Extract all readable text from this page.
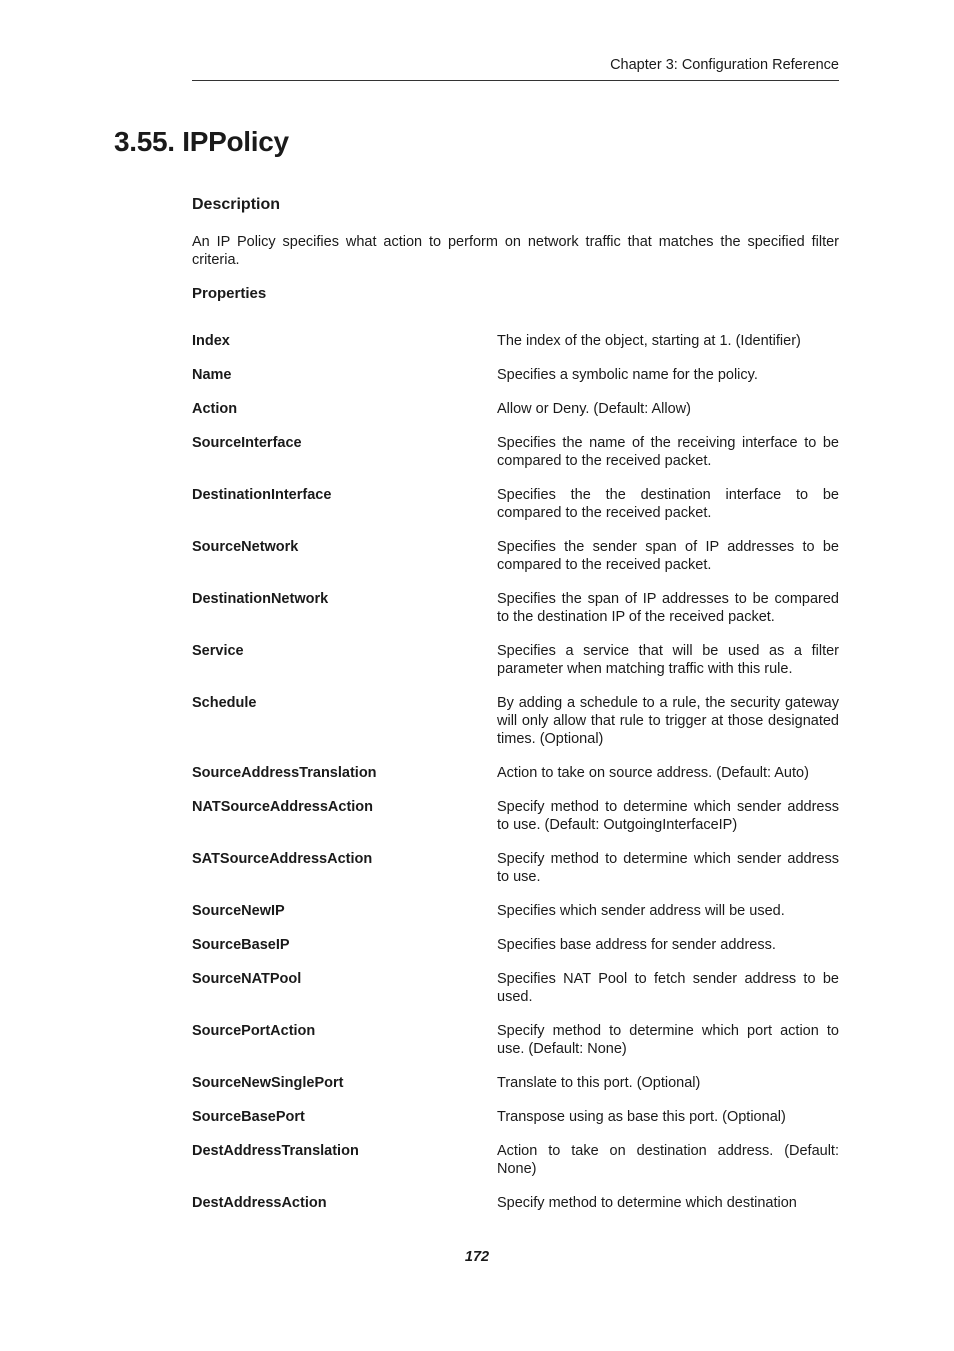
Chapter 3: Configuration Reference
3.55. IPPolicy
Description

An IP Policy specifies what action to perform on network traffic that matches the specified filter criteria.

Properties
Index	The index of the object, starting at 1. (Identifier)
Name	Specifies a symbolic name for the policy.
Action	Allow or Deny. (Default: Allow)
SourceInterface	Specifies the name of the receiving interface to be compared to the received packet.
DestinationInterface	Specifies the the destination interface to be compared to the received packet.
SourceNetwork	Specifies the sender span of IP addresses to be compared to the received packet.
DestinationNetwork	Specifies the span of IP addresses to be compared to the destination IP of the received packet.
Service	Specifies a service that will be used as a filter parameter when matching traffic with this rule.
Schedule	By adding a schedule to a rule, the security gateway will only allow that rule to trigger at those designated times. (Optional)
SourceAddressTranslation	Action to take on source address. (Default: Auto)
NATSourceAddressAction	Specify method to determine which sender address to use. (Default: OutgoingInterfaceIP)
SATSourceAddressAction	Specify method to determine which sender address to use.
SourceNewIP	Specifies which sender address will be used.
SourceBaseIP	Specifies base address for sender address.
SourceNATPool	Specifies NAT Pool to fetch sender address to be used.
SourcePortAction	Specify method to determine which port action to use. (Default: None)
SourceNewSinglePort	Translate to this port. (Optional)
SourceBasePort	Transpose using as base this port. (Optional)
DestAddressTranslation	Action to take on destination address. (Default: None)
DestAddressAction	Specify method to determine which destination
172
